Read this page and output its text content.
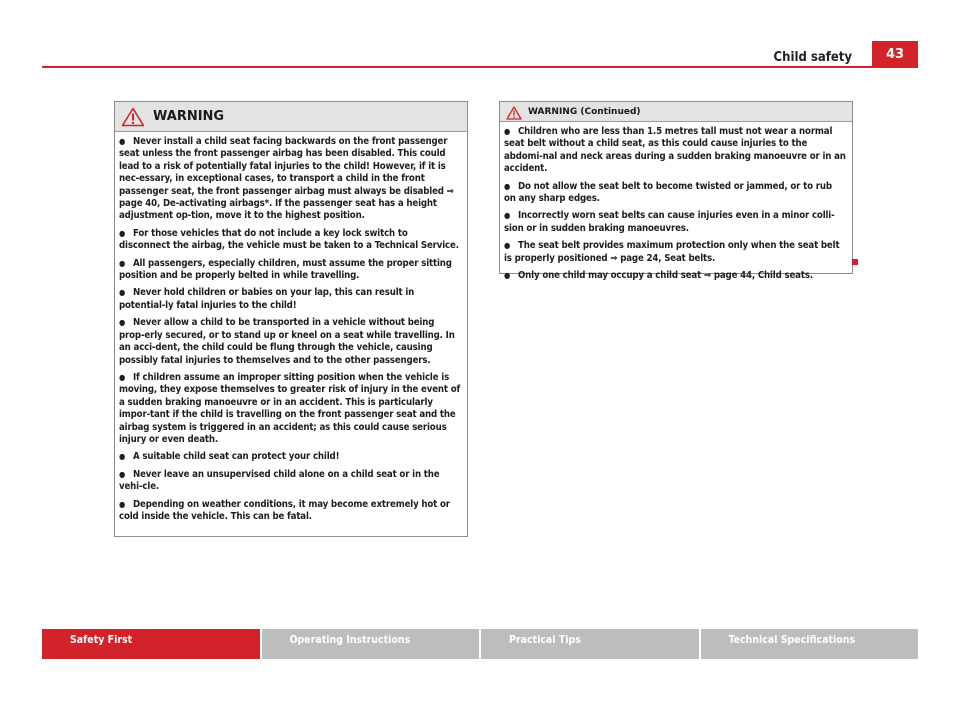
Child safety	43
WARNING

● Never install a child seat facing backwards on the front passenger seat unless the front passenger airbag has been disabled. This could lead to a risk of potentially fatal injuries to the child! However, if it is nec-essary, in exceptional cases, to transport a child in the front passenger seat, the front passenger airbag must always be disabled ⇒ page 40, De-activating airbags*. If the passenger seat has a height adjustment op-tion, move it to the highest position.

● For those vehicles that do not include a key lock switch to disconnect the airbag, the vehicle must be taken to a Technical Service.

● All passengers, especially children, must assume the proper sitting position and be properly belted in while travelling.

● Never hold children or babies on your lap, this can result in potential-ly fatal injuries to the child!

● Never allow a child to be transported in a vehicle without being prop-erly secured, or to stand up or kneel on a seat while travelling. In an acci-dent, the child could be flung through the vehicle, causing possibly fatal injuries to themselves and to the other passengers.

● If children assume an improper sitting position when the vehicle is moving, they expose themselves to greater risk of injury in the event of a sudden braking manoeuvre or in an accident. This is particularly impor-tant if the child is travelling on the front passenger seat and the airbag system is triggered in an accident; as this could cause serious injury or even death.

● A suitable child seat can protect your child!

● Never leave an unsupervised child alone on a child seat or in the vehi-cle.

● Depending on weather conditions, it may become extremely hot or cold inside the vehicle. This can be fatal.

WARNING (Continued)

● Children who are less than 1.5 metres tall must not wear a normal seat belt without a child seat, as this could cause injuries to the abdomi-nal and neck areas during a sudden braking manoeuvre or in an accident.

● Do not allow the seat belt to become twisted or jammed, or to rub on any sharp edges.

● Incorrectly worn seat belts can cause injuries even in a minor colli-sion or in sudden braking manoeuvres.

● The seat belt provides maximum protection only when the seat belt is properly positioned ⇒ page 24, Seat belts.

● Only one child may occupy a child seat ⇒ page 44, Child seats.

Safety First	Operating Instructions	Practical Tips	Technical Specifications
